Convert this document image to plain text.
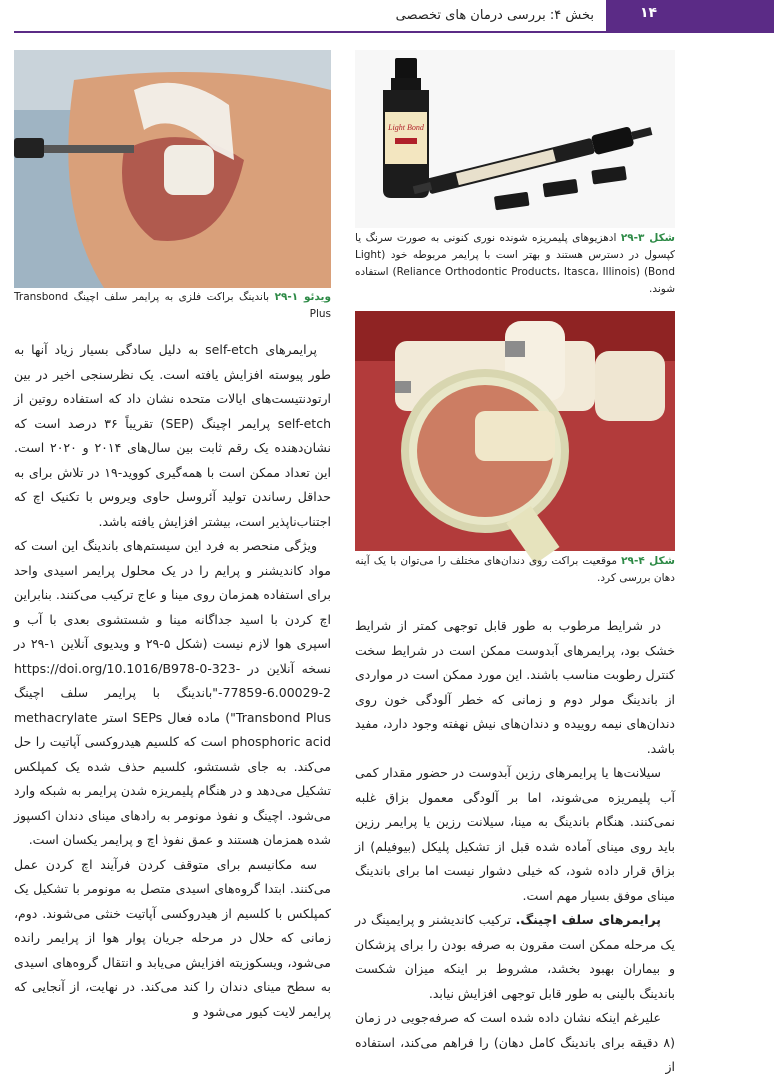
۱۴
بخش ۴: بررسی درمان های تخصصی
Light Bond
شکل ۳-۲۹ ادهزیوهای پلیمریزه شونده نوری کنونی به صورت سرنگ یا کپسول در دسترس هستند و بهتر است با پرایمر مربوطه خود (Light Bond) (Reliance Orthodontic Products، Itasca، Illinois) استفاده شوند.
proceed to bonding
ویدئو ۱-۲۹ باندینگ براکت فلزی به پرایمر سلف اچینگ Transbond Plus
شکل ۴-۲۹ موقعیت براکت روی دندان‌های مختلف را می‌توان با یک آینه دهان بررسی کرد.

پرایمرهای self-etch به دلیل سادگی بسیار زیاد آنها به طور پیوسته افزایش یافته است. یک نظرسنجی اخیر در بین ارتودنتیست‌های ایالات متحده نشان داد که استفاده روتین از self-etch پرایمر اچینگ (SEP) تقریباً ۳۶ درصد است که نشان‌دهنده یک رقم ثابت بین سال‌های ۲۰۱۴ و ۲۰۲۰ است. این تعداد ممکن است با همه‌گیری کووید-۱۹ در تلاش برای به حداقل رساندن تولید آئروسل حاوی ویروس با تکنیک اچ که اجتناب‌ناپذیر است، بیشتر افزایش یافته باشد.

ویژگی منحصر به فرد این سیستم‌های باندینگ این است که مواد کاندیشنر و پرایم را در یک محلول پرایمر اسیدی واحد برای استفاده همزمان روی مینا و عاج ترکیب می‌کنند. بنابراین اچ کردن با اسید جداگانه مینا و شستشوی بعدی با آب و اسپری هوا لازم نیست (شکل ۵-۲۹ و ویدیوی آنلاین ۱-۲۹ در نسخه آنلاین در https://doi.org/10.1016/B978-0-323-77859-6.00029-2-"باندینگ با پرایمر سلف اچینگ Transbond Plus") ماده فعال SEPs استر methacrylate phosphoric acid است که کلسیم هیدروکسی آپاتیت را حل می‌کند. به جای شستشو، کلسیم حذف شده یک کمپلکس تشکیل می‌دهد و در هنگام پلیمریزه شدن پرایمر به شبکه وارد می‌شود. اچینگ و نفوذ مونومر به رادهای مینای دندان اکسپوز شده همزمان هستند و عمق نفوذ اچ و پرایمر یکسان است.

سه مکانیسم برای متوقف کردن فرآیند اچ کردن عمل می‌کنند. ابتدا گروه‌های اسیدی متصل به مونومر با تشکیل یک کمپلکس با کلسیم از هیدروکسی آپاتیت خنثی می‌شوند. دوم، زمانی که حلال در مرحله جریان پوار هوا از پرایمر رانده می‌شود، ویسکوزیته افزایش می‌یابد و انتقال گروه‌های اسیدی به سطح مینای دندان را کند می‌کند. در نهایت، از آنجایی که پرایمر لایت کیور می‌شود و

در شرایط مرطوب به طور قابل توجهی کمتر از شرایط خشک بود، پرایمرهای آبدوست ممکن است در شرایط سخت کنترل رطوبت مناسب باشند. این مورد ممکن است در مواردی از باندینگ مولر دوم و زمانی که خطر آلودگی خون روی دندان‌های نیمه روییده و دندان‌های نیش نهفته وجود دارد، مفید باشد.

سیلانت‌ها یا پرایمرهای رزین آبدوست در حضور مقدار کمی آب پلیمریزه می‌شوند، اما بر آلودگی معمول بزاق غلبه نمی‌کنند. هنگام باندینگ به مینا، سیلانت رزین یا پرایمر رزین باید روی مینای آماده شده قبل از تشکیل پلیکل (بیوفیلم) از بزاق قرار داده شود، که خیلی دشوار نیست اما برای باندینگ مینای موفق بسیار مهم است.

پرایمرهای سلف اچینگ. ترکیب کاندیشنر و پرایمینگ در یک مرحله ممکن است مقرون به صرفه بودن را برای پزشکان و بیماران بهبود بخشد، مشروط بر اینکه میزان شکست باندینگ بالینی به طور قابل توجهی افزایش نیابد.

علیرغم اینکه نشان داده شده است که صرفه‌جویی در زمان (۸ دقیقه برای باندینگ کامل دهان) را فراهم می‌کند، استفاده از
